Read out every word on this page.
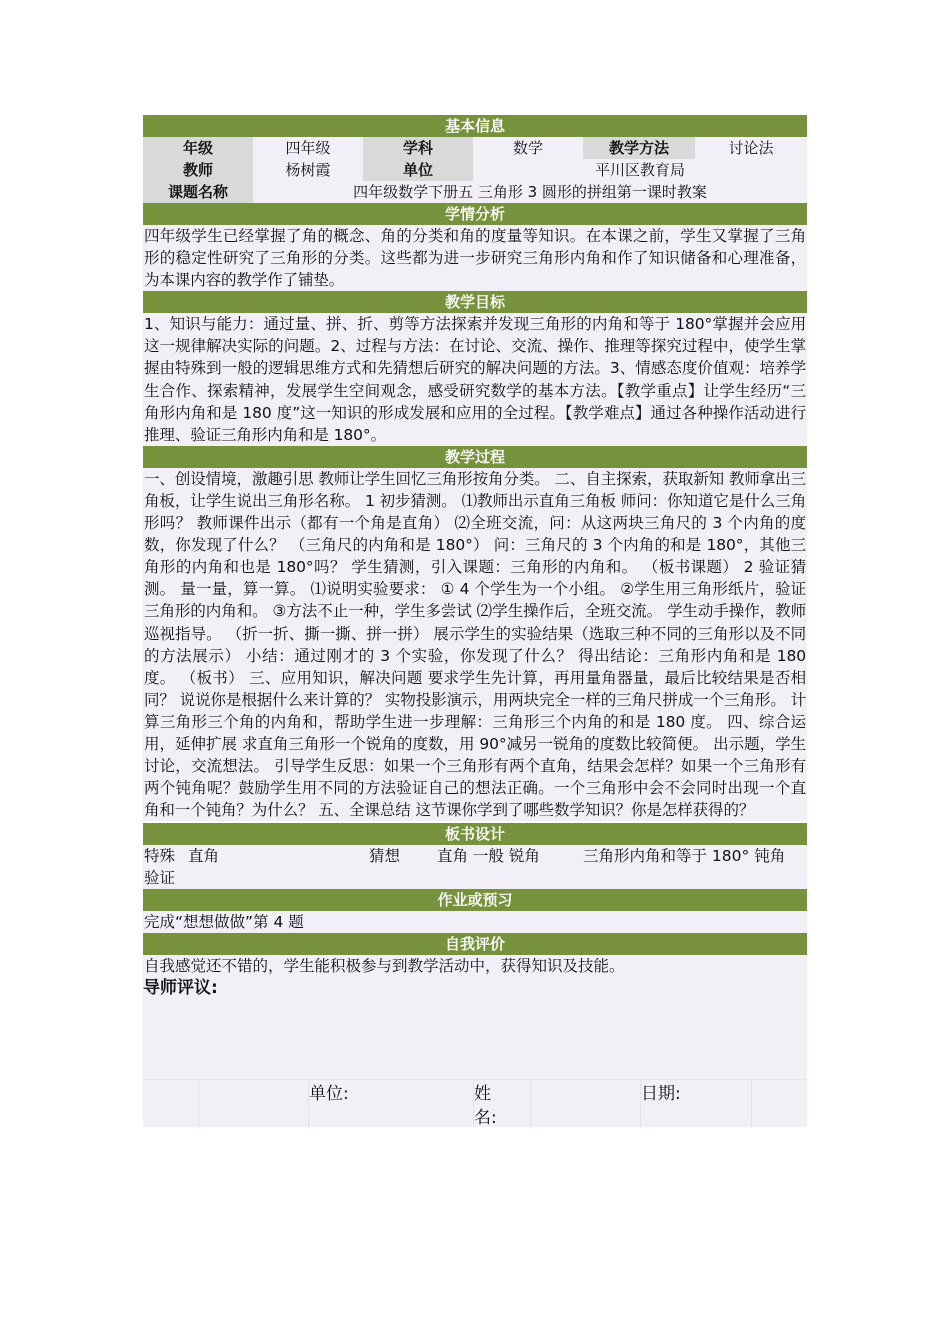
基本信息
年级	四年级	学科	数学	教学方法	讨论法
教师	杨树霞	单位	平川区教育局
课题名称	四年级数学下册五 三角形 3 圆形的拼组第一课时教案
学情分析
四年级学生已经掌握了角的概念、角的分类和角的度量等知识。在本课之前，学生又掌握了三角形的稳定性研究了三角形的分类。这些都为进一步研究三角形内角和作了知识储备和心理准备，为本课内容的教学作了铺垫。
教学目标
1、知识与能力：通过量、拼、折、剪等方法探索并发现三角形的内角和等于 180°掌握并会应用这一规律解决实际的问题。2、过程与方法：在讨论、交流、操作、推理等探究过程中，使学生掌握由特殊到一般的逻辑思维方式和先猜想后研究的解决问题的方法。3、情感态度价值观：培养学生合作、探索精神，发展学生空间观念，感受研究数学的基本方法。【教学重点】让学生经历“三角形内角和是 180 度”这一知识的形成发展和应用的全过程。【教学难点】通过各种操作活动进行推理、验证三角形内角和是 180°。
教学过程
一、创设情境，激趣引思 教师让学生回忆三角形按角分类。 二、自主探索，获取新知 教师拿出三角板，让学生说出三角形名称。 1 初步猜测。 ⑴教师出示直角三角板 师问：你知道它是什么三角形吗？ 教师课件出示（都有一个角是直角） ⑵全班交流，问：从这两块三角尺的 3 个内角的度数，你发现了什么？ （三角尺的内角和是 180°） 问：三角尺的 3 个内角的和是 180°，其他三角形的内角和也是 180°吗？ 学生猜测，引入课题：三角形的内角和。 （板书课题） 2 验证猜测。 量一量，算一算。 ⑴说明实验要求： ① 4 个学生为一个小组。 ②学生用三角形纸片，验证三角形的内角和。 ③方法不止一种，学生多尝试 ⑵学生操作后，全班交流。 学生动手操作，教师巡视指导。 （折一折、撕一撕、拼一拼） 展示学生的实验结果（选取三种不同的三角形以及不同的方法展示） 小结：通过刚才的 3 个实验，你发现了什么？ 得出结论：三角形内角和是 180 度。 （板书） 三、应用知识，解决问题 要求学生先计算，再用量角器量，最后比较结果是否相同？ 说说你是根据什么来计算的？ 实物投影演示，用两块完全一样的三角尺拼成一个三角形。 计算三角形三个角的内角和，帮助学生进一步理解：三角形三个内角的和是 180 度。 四、综合运用，延伸扩展 求直角三角形一个锐角的度数，用 90°减另一锐角的度数比较简便。 出示题，学生讨论，交流想法。 引导学生反思：如果一个三角形有两个直角，结果会怎样？如果一个三角形有两个钝角呢？鼓励学生用不同的方法验证自己的想法正确。一个三角形中会不会同时出现一个直角和一个钝角？为什么？ 五、全课总结 这节课你学到了哪些数学知识？你是怎样获得的？
板书设计
特殊 直角	猜想 直角 一般 锐角	三角形内角和等于 180° 钝角
验证
作业或预习
完成“想想做做”第 4 题
自我评价
自我感觉还不错的，学生能积极参与到教学活动中，获得知识及技能。
导师评议:
单位:	姓名:
日期:
